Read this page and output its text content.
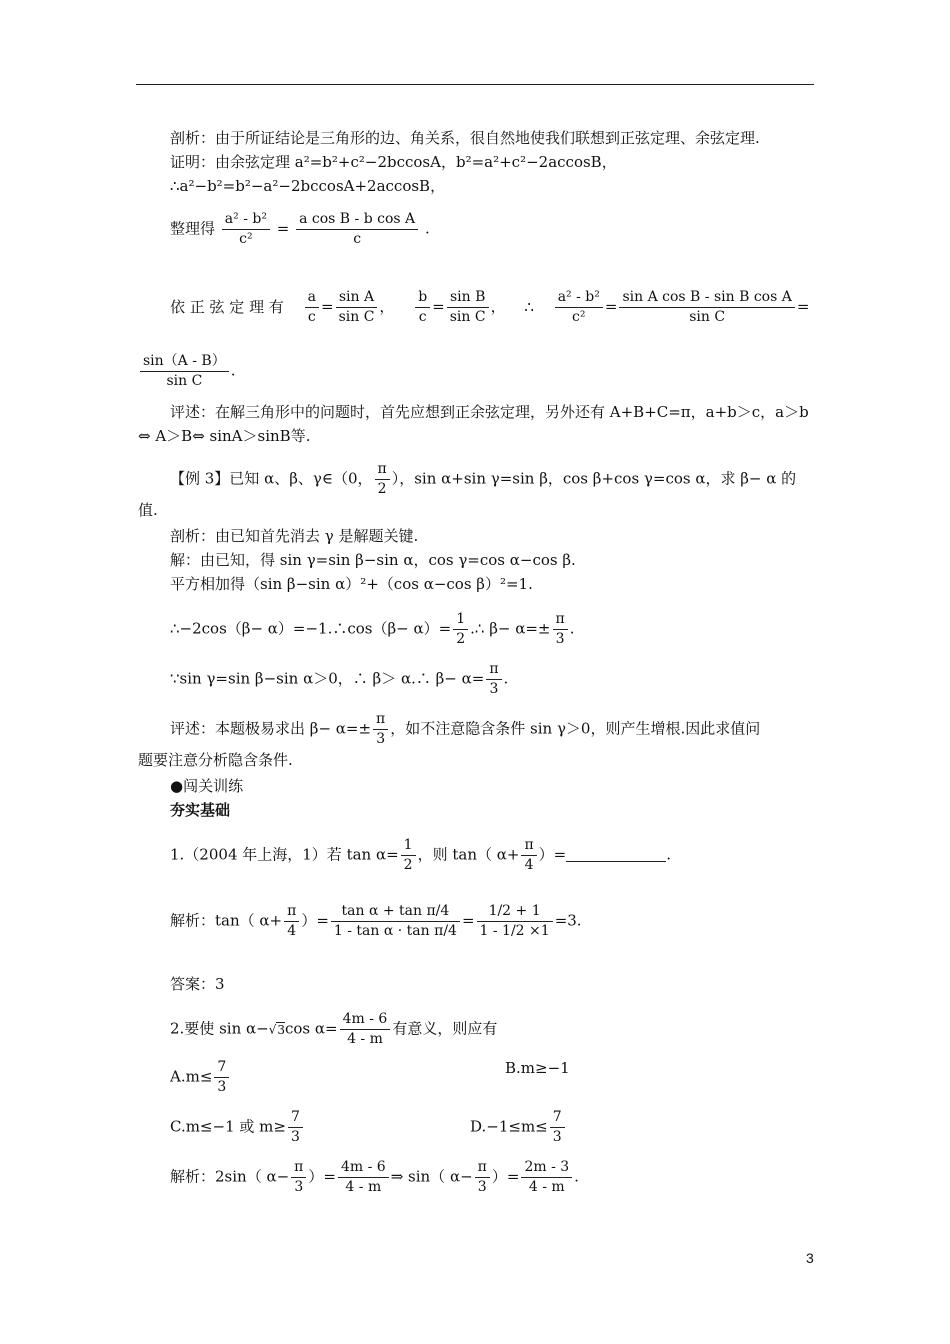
剖析：由于所证结论是三角形的边、角关系，很自然地使我们联想到正弦定理、余弦定理.
证明：由余弦定理 a²=b²+c²−2bccosA，b²=a²+c²−2accosB，
∴a²−b²=b²−a²−2bccosA+2accosB，
整理得 $\frac{\text{a² - b²}}{\text{c²}} = \frac{\text{a cos B - b cos A}}{c}$ .
依 正 弦 定 理 有 $\frac{a}{c} = \frac{\text{sin A}}{\text{sin C}}$ ， $\frac{b}{c} = \frac{\text{sin B}}{\text{sin C}}$ ， ∴ $\frac{\text{a² - b²}}{\text{c²}} = \frac{\text{sin A cos B - sin B cos A}}{\text{sin C}}$ =
$\frac{\sin(A - B)}{\text{sin C}}$ .
评述：在解三角形中的问题时，首先应想到正余弦定理，另外还有 A+B+C=π，a+b＞c，a＞b
⇔ A＞B⇔ sinA＞sinB等.
【例 3】已知 α、β、γ∈（0， $\frac{\pi}{2}$ ），sin α+sin γ=sin β，cos β+cos γ=cos α，求 β− α 的
值.
剖析：由已知首先消去 γ 是解题关键.
解：由已知，得 sin γ=sin β−sin α，cos γ=cos α−cos β.
平方相加得（sin β−sin α）²+（cos α−cos β）²=1.
∴−2cos（β− α）=−1.∴cos（β− $\alpha)= \frac{1}{2}$ .∴ $\beta- \alpha=\pm \frac{\pi}{3}$ .
∵sin γ=sin β−sin α＞0，∴ β＞ α.∴ $\beta- \alpha= \frac{\pi}{3}$ .
评述：本题极易求出 $\beta- \alpha=\pm \frac{\pi}{3}$ ，如不注意隐含条件 sin γ＞0，则产生增根.因此求值问
题要注意分析隐含条件.
●闯关训练
夯实基础
1.（2004 年上海，1）若 $\tan \alpha= \frac{1}{2}$ ，则 tan（ $\alpha+ \frac{\pi}{4}$ ）=	.
解析：tan（ $\alpha+ \frac{\pi}{4}$ ）= $\frac{\text{tan α + tan π/4}}{\text{1 - tan α · tan π/4}} = \frac{1/2 + 1}{1 - 1/2 \times 1} =3$.
答案：3
2.要使 sin α−√3cos $\alpha= \frac{4m - 6}{4 - m}$ 有意义，则应有
$A.m\le \frac{7}{3}$	B.m≥−1
C.m≤−1 或 $m\ge \frac{7}{3}$	$D.-1\le m\le \frac{7}{3}$
解析：2sin（ $\alpha- \frac{\pi}{3}$ ）= $\frac{4m - 6}{4 - m}$ ⇒ sin（ $\alpha- \frac{\pi}{3}$ ）= $\frac{2m - 3}{4 - m}$ .
3
